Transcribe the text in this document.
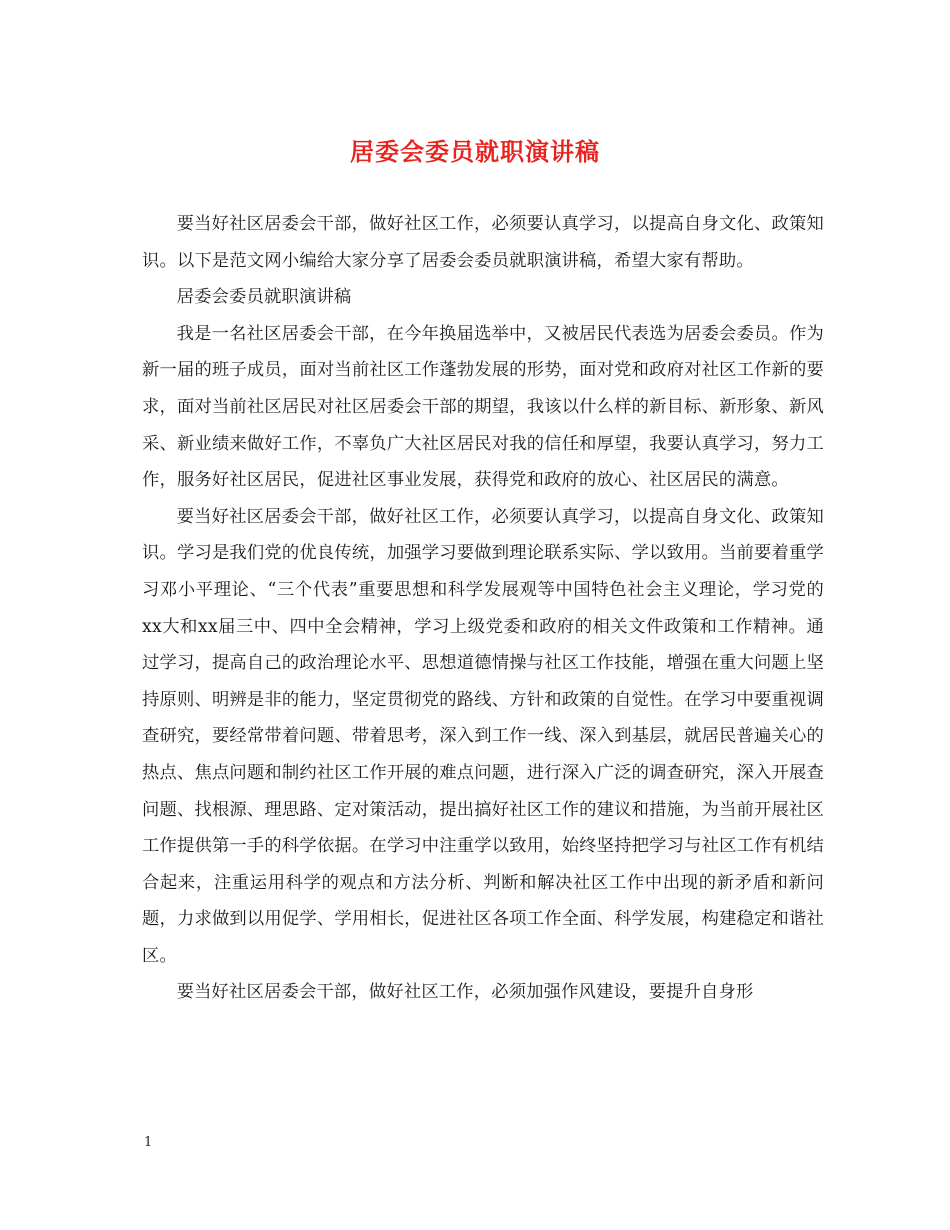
居委会委员就职演讲稿

要当好社区居委会干部，做好社区工作，必须要认真学习，以提高自身文化、政策知识。以下是范文网小编给大家分享了居委会委员就职演讲稿，希望大家有帮助。

居委会委员就职演讲稿

我是一名社区居委会干部，在今年换届选举中，又被居民代表选为居委会委员。作为新一届的班子成员，面对当前社区工作蓬勃发展的形势，面对党和政府对社区工作新的要求，面对当前社区居民对社区居委会干部的期望，我该以什么样的新目标、新形象、新风采、新业绩来做好工作，不辜负广大社区居民对我的信任和厚望，我要认真学习，努力工作，服务好社区居民，促进社区事业发展，获得党和政府的放心、社区居民的满意。

要当好社区居委会干部，做好社区工作，必须要认真学习，以提高自身文化、政策知识。学习是我们党的优良传统，加强学习要做到理论联系实际、学以致用。当前要着重学习邓小平理论、“三个代表”重要思想和科学发展观等中国特色社会主义理论，学习党的xx大和xx届三中、四中全会精神，学习上级党委和政府的相关文件政策和工作精神。通过学习，提高自己的政治理论水平、思想道德情操与社区工作技能，增强在重大问题上坚持原则、明辨是非的能力，坚定贯彻党的路线、方针和政策的自觉性。在学习中要重视调查研究，要经常带着问题、带着思考，深入到工作一线、深入到基层，就居民普遍关心的热点、焦点问题和制约社区工作开展的难点问题，进行深入广泛的调查研究，深入开展查问题、找根源、理思路、定对策活动，提出搞好社区工作的建议和措施，为当前开展社区工作提供第一手的科学依据。在学习中注重学以致用，始终坚持把学习与社区工作有机结合起来，注重运用科学的观点和方法分析、判断和解决社区工作中出现的新矛盾和新问题，力求做到以用促学、学用相长，促进社区各项工作全面、科学发展，构建稳定和谐社区。

要当好社区居委会干部，做好社区工作，必须加强作风建设，要提升自身形

1
